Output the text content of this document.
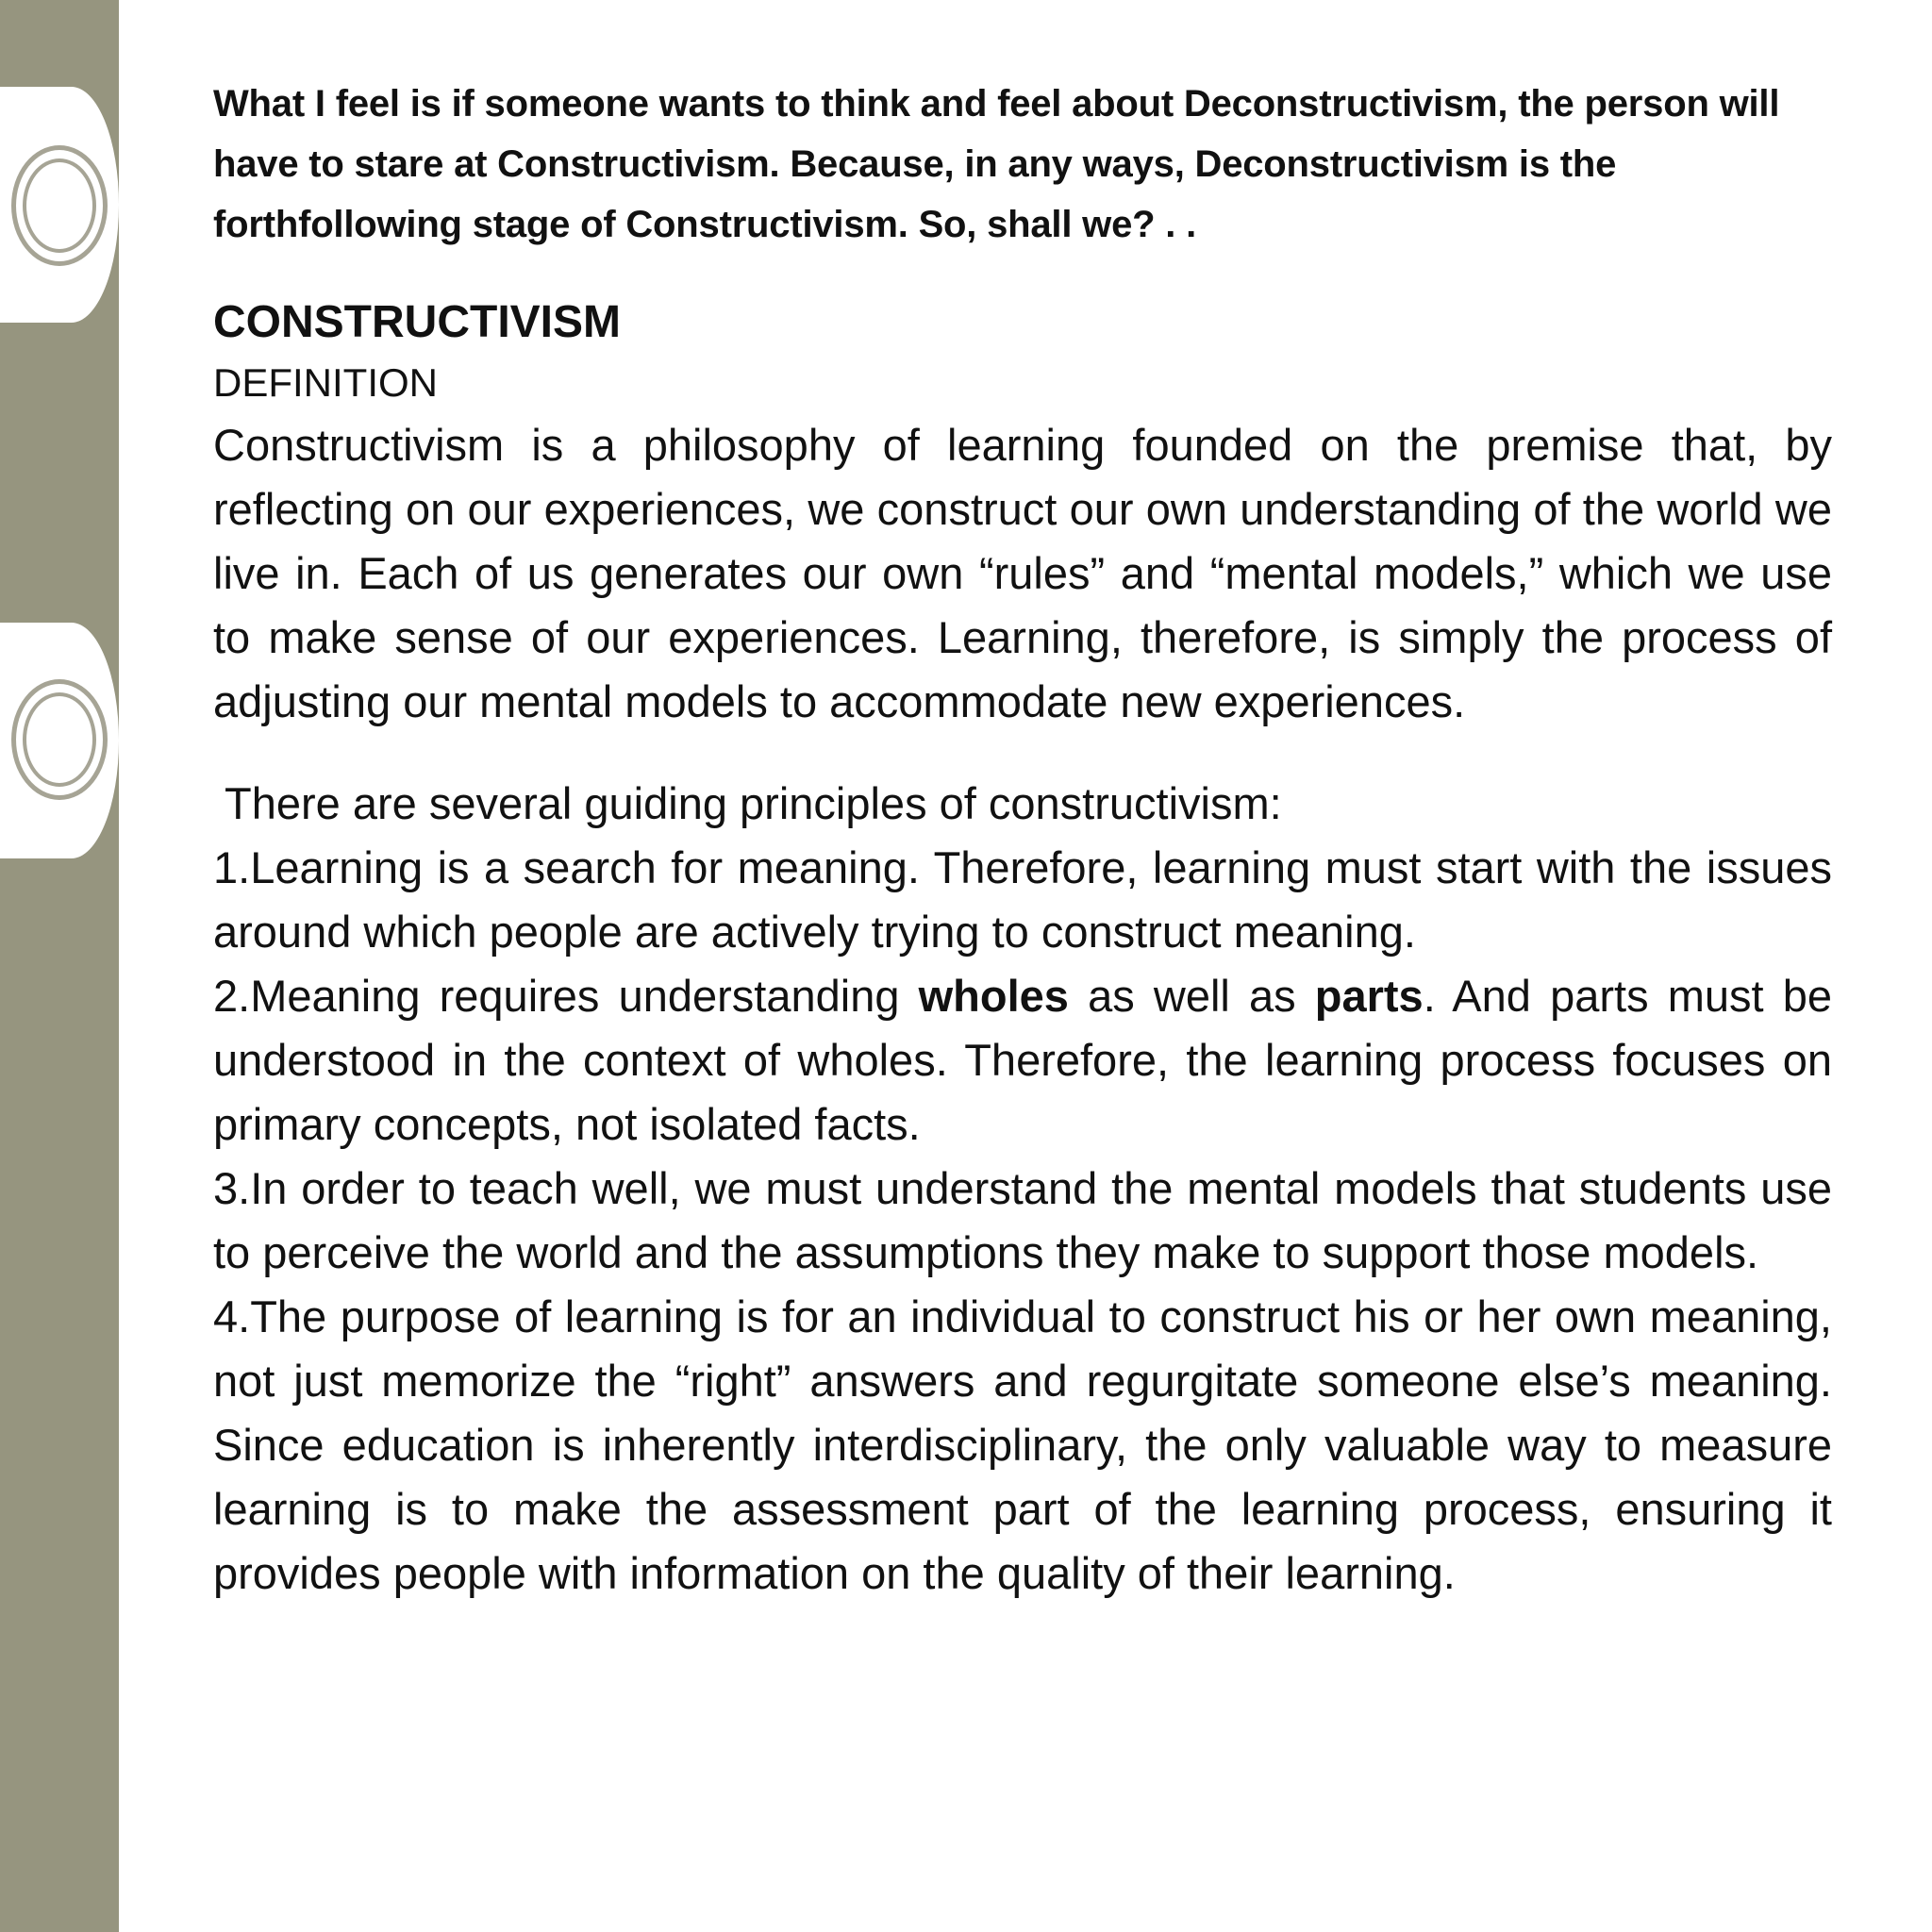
What I feel is if someone wants to think and feel about Deconstructivism, the person will have to stare at Constructivism. Because, in any ways, Deconstructivism is the forthfollowing stage of Constructivism. So, shall we? . .

CONSTRUCTIVISM

DEFINITION

Constructivism is a philosophy of learning founded on the premise that, by reflecting on our experiences, we construct our own understanding of the world we live in. Each of us generates our own “rules” and “mental models,” which we use to make sense of our experiences. Learning, therefore, is simply the process of adjusting our mental models to accommodate new experiences.

There are several guiding principles of constructivism:

1.Learning is a search for meaning. Therefore, learning must start with the issues around which people are actively trying to construct meaning.

2.Meaning requires understanding wholes as well as parts. And parts must be understood in the context of wholes. Therefore, the learning process focuses on primary concepts, not isolated facts.

3.In order to teach well, we must understand the mental models that students use to perceive the world and the assumptions they make to support those models.

4.The purpose of learning is for an individual to construct his or her own meaning, not just memorize the “right” answers and regurgitate someone else’s meaning. Since education is inherently interdisciplinary, the only valuable way to measure learning is to make the assessment part of the learning process, ensuring it provides people with information on the quality of their learning.
